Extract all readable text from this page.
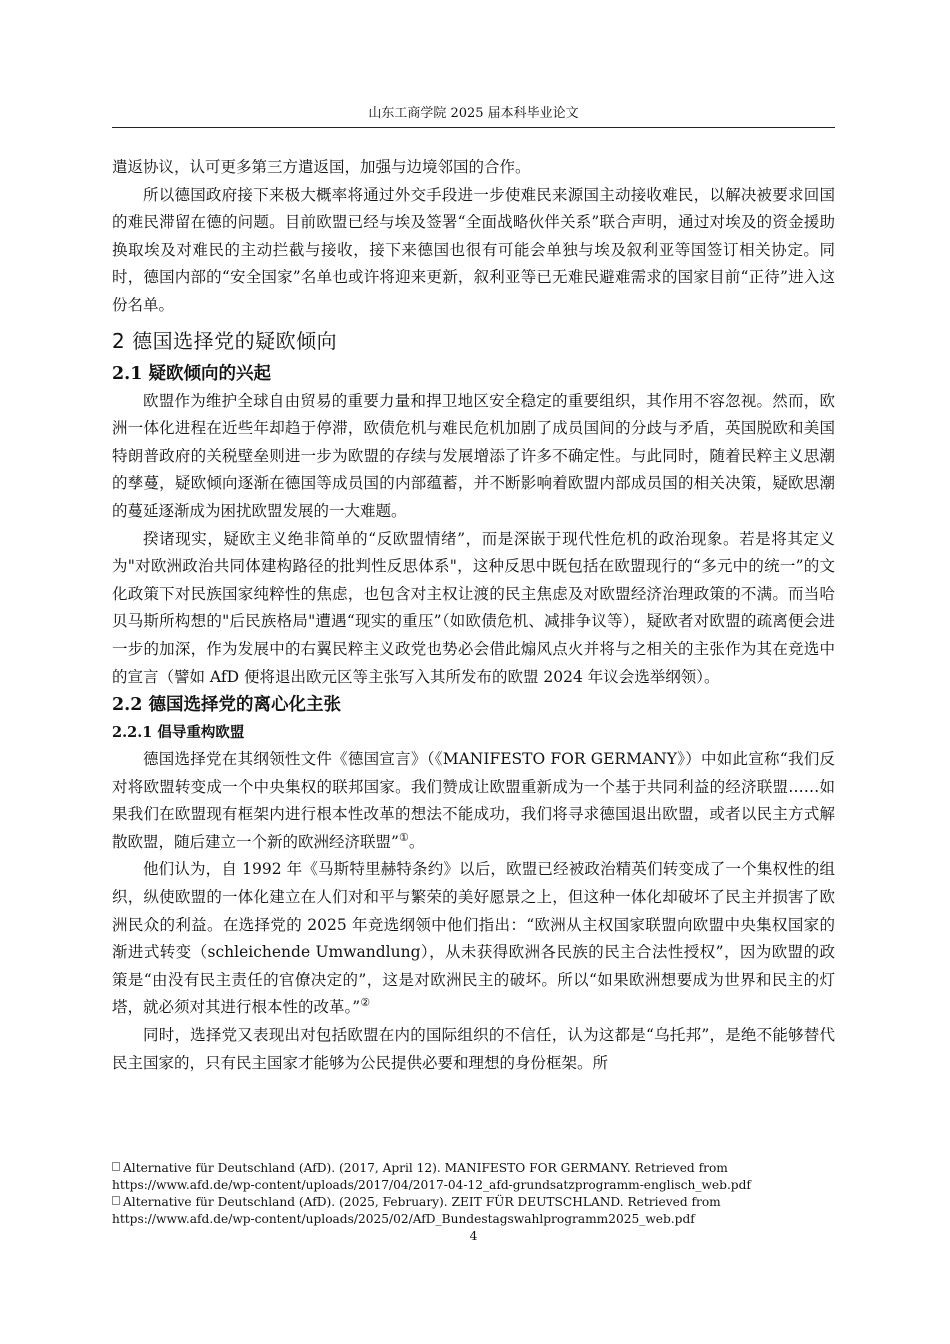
山东工商学院 2025 届本科毕业论文

遣返协议，认可更多第三方遣返国，加强与边境邻国的合作。

所以德国政府接下来极大概率将通过外交手段进一步使难民来源国主动接收难民，以解决被要求回国的难民滞留在德的问题。目前欧盟已经与埃及签署“全面战略伙伴关系”联合声明，通过对埃及的资金援助换取埃及对难民的主动拦截与接收，接下来德国也很有可能会单独与埃及叙利亚等国签订相关协定。同时，德国内部的“安全国家”名单也或许将迎来更新，叙利亚等已无难民避难需求的国家目前“正待”进入这份名单。

2 德国选择党的疑欧倾向
2.1 疑欧倾向的兴起

欧盟作为维护全球自由贸易的重要力量和捍卫地区安全稳定的重要组织，其作用不容忽视。然而，欧洲一体化进程在近些年却趋于停滞，欧债危机与难民危机加剧了成员国间的分歧与矛盾，英国脱欧和美国特朗普政府的关税壁垒则进一步为欧盟的存续与发展增添了许多不确定性。与此同时，随着民粹主义思潮的孳蔓，疑欧倾向逐渐在德国等成员国的内部蕴蓄，并不断影响着欧盟内部成员国的相关决策，疑欧思潮的蔓延逐渐成为困扰欧盟发展的一大难题。

揆诸现实，疑欧主义绝非简单的“反欧盟情绪”，而是深嵌于现代性危机的政治现象。若是将其定义为"对欧洲政治共同体建构路径的批判性反思体系"，这种反思中既包括在欧盟现行的“多元中的统一”的文化政策下对民族国家纯粹性的焦虑，也包含对主权让渡的民主焦虑及对欧盟经济治理政策的不满。而当哈贝马斯所构想的"后民族格局"遭遇“现实的重压”（如欧债危机、减排争议等），疑欧者对欧盟的疏离便会进一步的加深，作为发展中的右翼民粹主义政党也势必会借此煽风点火并将与之相关的主张作为其在竞选中的宣言（譬如 AfD 便将退出欧元区等主张写入其所发布的欧盟 2024 年议会选举纲领）。

2.2 德国选择党的离心化主张
2.2.1 倡导重构欧盟

德国选择党在其纲领性文件《德国宣言》（《MANIFESTO FOR GERMANY》）中如此宣称“我们反对将欧盟转变成一个中央集权的联邦国家。我们赞成让欧盟重新成为一个基于共同利益的经济联盟……如果我们在欧盟现有框架内进行根本性改革的想法不能成功，我们将寻求德国退出欧盟，或者以民主方式解散欧盟，随后建立一个新的欧洲经济联盟”①。

他们认为，自 1992 年《马斯特里赫特条约》以后，欧盟已经被政治精英们转变成了一个集权性的组织，纵使欧盟的一体化建立在人们对和平与繁荣的美好愿景之上，但这种一体化却破坏了民主并损害了欧洲民众的利益。在选择党的 2025 年竞选纲领中他们指出：“欧洲从主权国家联盟向欧盟中央集权国家的渐进式转变（schleichende Umwandlung），从未获得欧洲各民族的民主合法性授权”，因为欧盟的政策是“由没有民主责任的官僚决定的”，这是对欧洲民主的破坏。所以“如果欧洲想要成为世界和民主的灯塔，就必须对其进行根本性的改革。”②

同时，选择党又表现出对包括欧盟在内的国际组织的不信任，认为这都是“乌托邦”，是绝不能够替代民主国家的，只有民主国家才能够为公民提供必要和理想的身份框架。所

Alternative für Deutschland (AfD). (2017, April 12). MANIFESTO FOR GERMANY. Retrieved from https://www.afd.de/wp-content/uploads/2017/04/2017-04-12_afd-grundsatzprogramm-englisch_web.pdf

Alternative für Deutschland (AfD). (2025, February). ZEIT FÜR DEUTSCHLAND. Retrieved from https://www.afd.de/wp-content/uploads/2025/02/AfD_Bundestagswahlprogramm2025_web.pdf

4
